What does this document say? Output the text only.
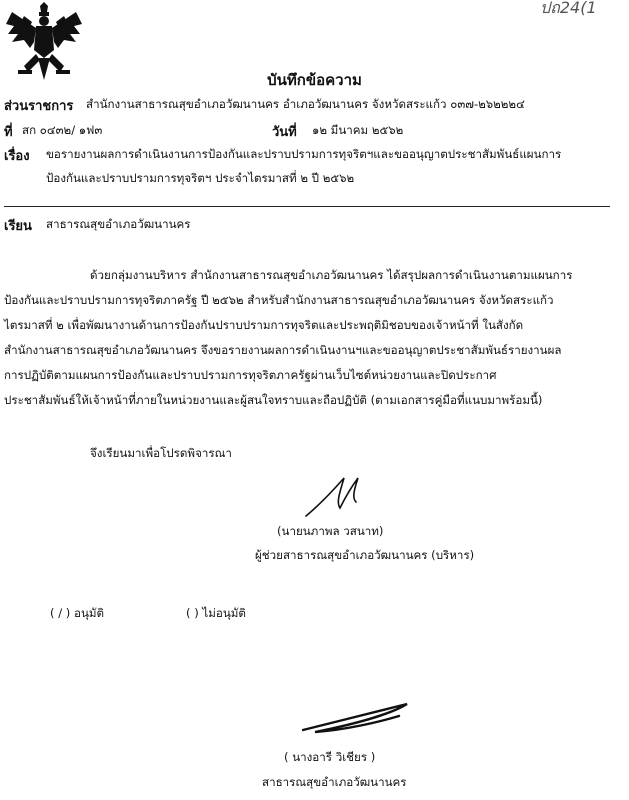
ปถ24(1
บันทึกข้อความ
ส่วนราชการ สำนักงานสาธารณสุขอำเภอวัฒนานคร อำเภอวัฒนานคร จังหวัดสระแก้ว ๐๓๗-๒๖๒๒๒๔
ที่ สก ๐๔๓๒/ ๑ฟ๓	วันที่ ๑๒ มีนาคม ๒๕๖๒
เรื่อง ขอรายงานผลการดำเนินงานการป้องกันและปราบปรามการทุจริตฯและขออนุญาตประชาสัมพันธ์แผนการ
ป้องกันและปราบปรามการทุจริตฯ ประจำไตรมาสที่ ๒ ปี ๒๕๖๒
เรียน สาธารณสุขอำเภอวัฒนานคร
ด้วยกลุ่มงานบริหาร สำนักงานสาธารณสุขอำเภอวัฒนานคร ได้สรุปผลการดำเนินงานตามแผนการ
ป้องกันและปราบปรามการทุจริตภาครัฐ ปี ๒๕๖๒ สำหรับสำนักงานสาธารณสุขอำเภอวัฒนานคร จังหวัดสระแก้ว
ไตรมาสที่ ๒ เพื่อพัฒนางานด้านการป้องกันปราบปรามการทุจริตและประพฤติมิชอบของเจ้าหน้าที่ ในสังกัด
สำนักงานสาธารณสุขอำเภอวัฒนานคร จึงขอรายงานผลการดำเนินงานฯและขออนุญาตประชาสัมพันธ์รายงานผล
การปฏิบัติตามแผนการป้องกันและปราบปรามการทุจริตภาครัฐผ่านเว็บไซต์หน่วยงานและปิดประกาศ
ประชาสัมพันธ์ให้เจ้าหน้าที่ภายในหน่วยงานและผู้สนใจทราบและถือปฏิบัติ (ตามเอกสารคู่มือที่แนบมาพร้อมนี้)
จึงเรียนมาเพื่อโปรดพิจารณา
(นายนภาพล วสนาท)
ผู้ช่วยสาธารณสุขอำเภอวัฒนานคร (บริหาร)
( / ) อนุมัติ	( ) ไม่อนุมัติ
( นางอารี วิเชียร )
สาธารณสุขอำเภอวัฒนานคร
